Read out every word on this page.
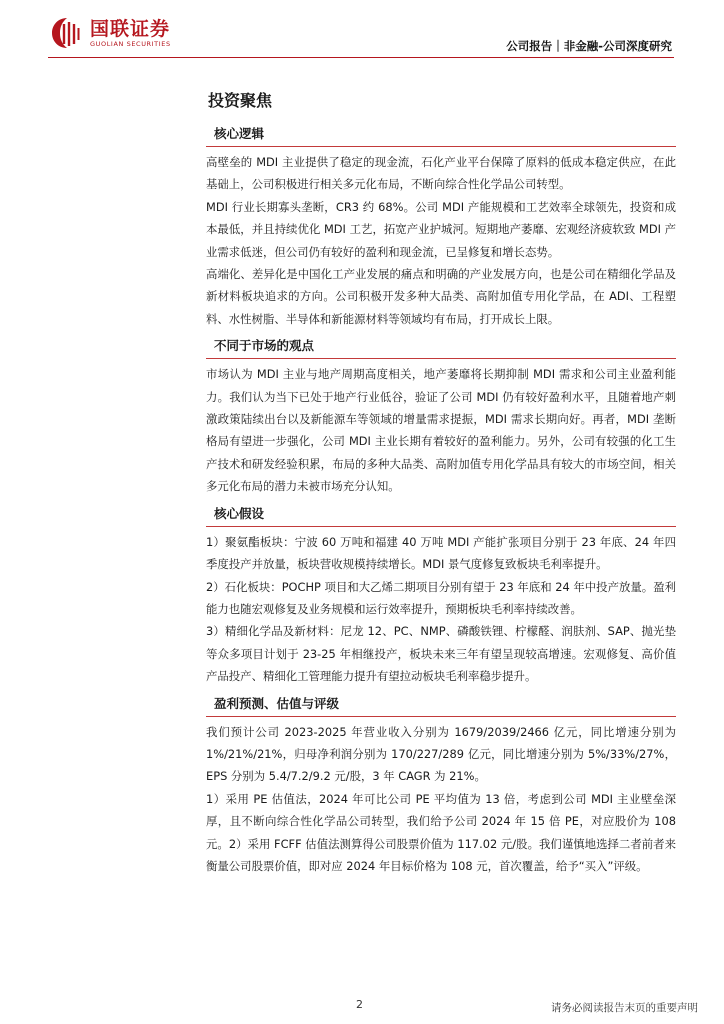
国联证券
GUOLIAN SECURITIES	公司报告｜非金融-公司深度研究
投资聚焦
核心逻辑

高壁垒的 MDI 主业提供了稳定的现金流，石化产业平台保障了原料的低成本稳定供应，在此基础上，公司积极进行相关多元化布局，不断向综合性化学品公司转型。

MDI 行业长期寡头垄断，CR3 约 68%。公司 MDI 产能规模和工艺效率全球领先，投资和成本最低，并且持续优化 MDI 工艺，拓宽产业护城河。短期地产萎靡、宏观经济疲软致 MDI 产业需求低迷，但公司仍有较好的盈利和现金流，已呈修复和增长态势。

高端化、差异化是中国化工产业发展的痛点和明确的产业发展方向，也是公司在精细化学品及新材料板块追求的方向。公司积极开发多种大品类、高附加值专用化学品，在 ADI、工程塑料、水性树脂、半导体和新能源材料等领域均有布局，打开成长上限。

不同于市场的观点

市场认为 MDI 主业与地产周期高度相关，地产萎靡将长期抑制 MDI 需求和公司主业盈利能力。我们认为当下已处于地产行业低谷，验证了公司 MDI 仍有较好盈利水平，且随着地产刺激政策陆续出台以及新能源车等领域的增量需求提振，MDI 需求长期向好。再者，MDI 垄断格局有望进一步强化，公司 MDI 主业长期有着较好的盈利能力。另外，公司有较强的化工生产技术和研发经验积累，布局的多种大品类、高附加值专用化学品具有较大的市场空间，相关多元化布局的潜力未被市场充分认知。

核心假设

1）聚氨酯板块：宁波 60 万吨和福建 40 万吨 MDI 产能扩张项目分别于 23 年底、24 年四季度投产并放量，板块营收规模持续增长。MDI 景气度修复致板块毛利率提升。

2）石化板块：POCHP 项目和大乙烯二期项目分别有望于 23 年底和 24 年中投产放量。盈利能力也随宏观修复及业务规模和运行效率提升，预期板块毛利率持续改善。

3）精细化学品及新材料：尼龙 12、PC、NMP、磷酸铁锂、柠檬醛、润肤剂、SAP、抛光垫等众多项目计划于 23-25 年相继投产，板块未来三年有望呈现较高增速。宏观修复、高价值产品投产、精细化工管理能力提升有望拉动板块毛利率稳步提升。

盈利预测、估值与评级

我们预计公司 2023-2025 年营业收入分别为 1679/2039/2466 亿元，同比增速分别为 1%/21%/21%，归母净利润分别为 170/227/289 亿元，同比增速分别为 5%/33%/27%，EPS 分别为 5.4/7.2/9.2 元/股，3 年 CAGR 为 21%。

1）采用 PE 估值法，2024 年可比公司 PE 平均值为 13 倍，考虑到公司 MDI 主业壁垒深厚，且不断向综合性化学品公司转型，我们给予公司 2024 年 15 倍 PE，对应股价为 108 元。2）采用 FCFF 估值法测算得公司股票价值为 117.02 元/股。我们谨慎地选择二者前者来衡量公司股票价值，即对应 2024 年目标价格为 108 元，首次覆盖，给予“买入”评级。

2	请务必阅读报告末页的重要声明
